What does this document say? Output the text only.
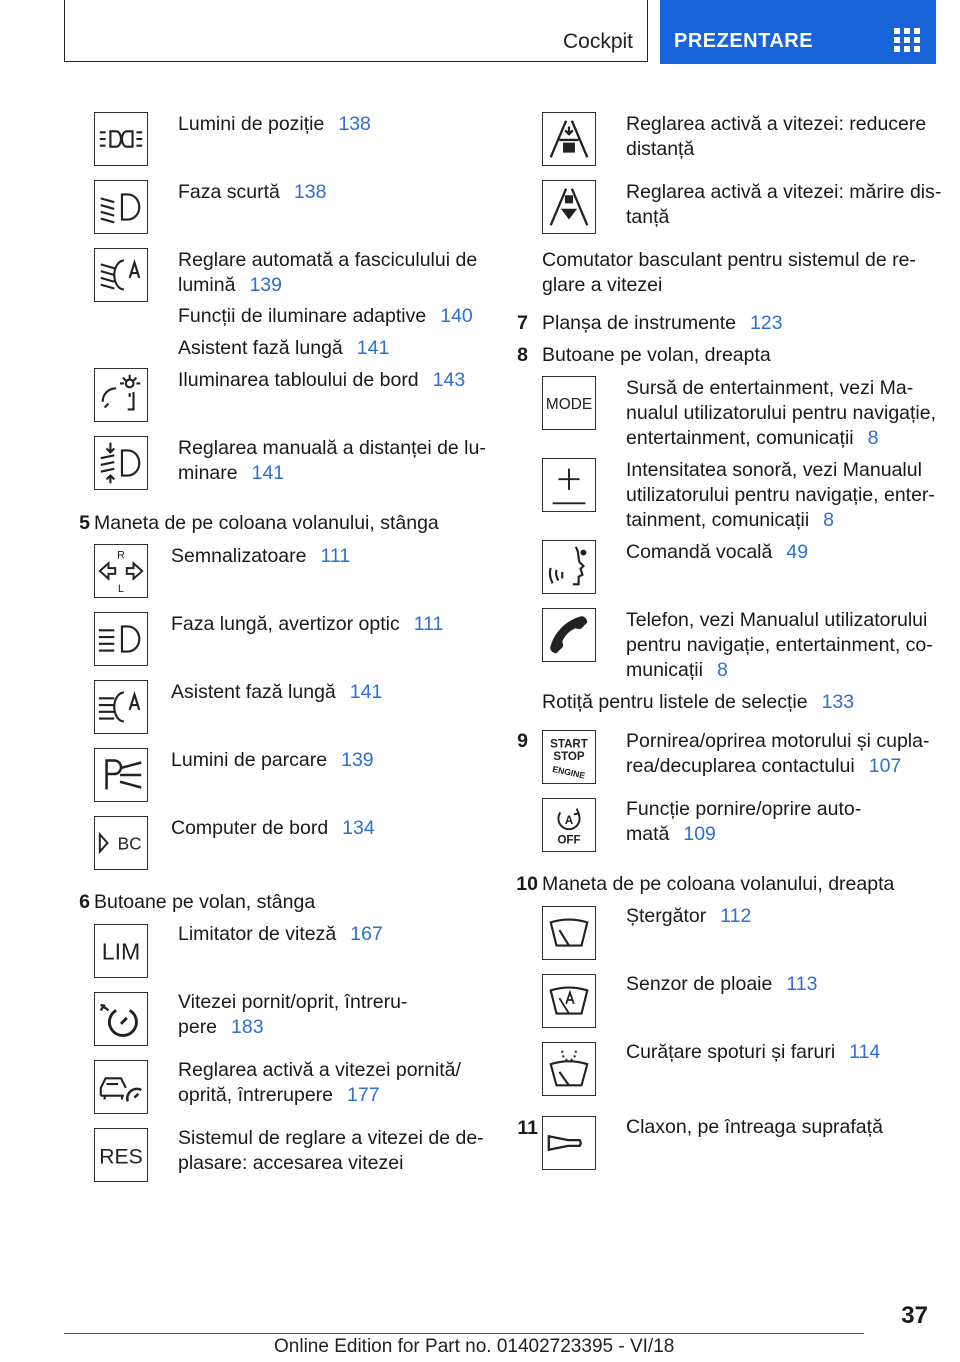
Cockpit PREZENTARE
Lumini de poziție 138
Faza scurtă 138
Reglare automată a fasciculului de
lumină 139
Funcții de iluminare adaptive 140
Asistent fază lungă 141
Iluminarea tabloului de bord 143
Reglarea manuală a distanței de lu-
minare 141
5 Maneta de pe coloana volanului, stânga
R
L
Semnalizatoare 111
Faza lungă, avertizor optic 111
Asistent fază lungă 141
Lumini de parcare 139
BC
Computer de bord 134
6 Butoane pe volan, stânga
LIM
Limitator de viteză 167
Vitezei pornit/oprit, întreru-
pere 183
Reglarea activă a vitezei pornită/
oprită, întrerupere 177
RES
Sistemul de reglare a vitezei de de-
plasare: accesarea vitezei
Reglarea activă a vitezei: reducere
distanță
Reglarea activă a vitezei: mărire dis-
tanță
Comutator basculant pentru sistemul de re-
glare a vitezei
7 Planșa de instrumente 123
8 Butoane pe volan, dreapta
MODE
Sursă de entertainment, vezi Ma-
nualul utilizatorului pentru navigație,
entertainment, comunicații 8
Intensitatea sonoră, vezi Manualul
utilizatorului pentru navigație, enter-
tainment, comunicații 8
Comandă vocală 49
Telefon, vezi Manualul utilizatorului
pentru navigație, entertainment, co-
municații 8
Rotiță pentru listele de selecție 133
9 START
STOP
ENGINE
Pornirea/oprirea motorului și cupla-
rea/decuplarea contactului 107
A
OFF
Funcție pornire/oprire auto-
mată 109
10 Maneta de pe coloana volanului, dreapta
Ștergător 112
Senzor de ploaie 113
Curățare spoturi și faruri 114
11	Claxon, pe întreaga suprafață
37
Online Edition for Part no. 01402723395 - VI/18
